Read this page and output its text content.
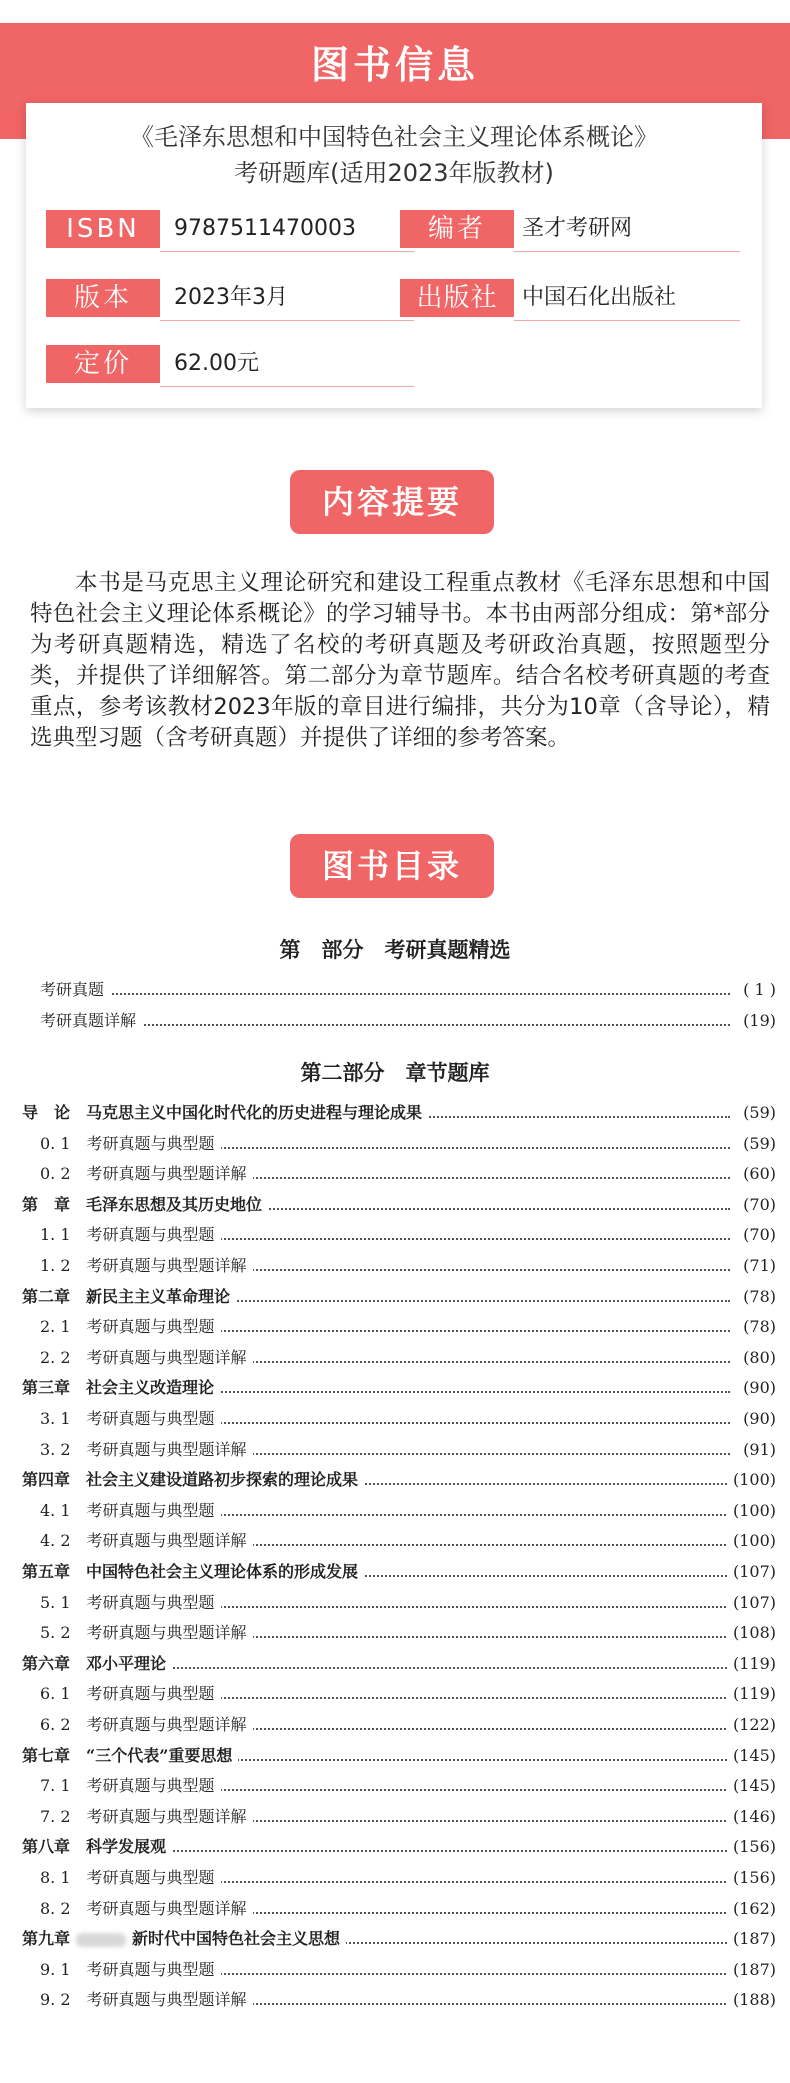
图书信息
《毛泽东思想和中国特色社会主义理论体系概论》
考研题库(适用2023年版教材)
ISBN	9787511470003	编者	圣才考研网
版本	2023年3月	出版社	中国石化出版社
定价	62.00元
内容提要
本书是马克思主义理论研究和建设工程重点教材《毛泽东思想和中国特色社会主义理论体系概论》的学习辅导书。本书由两部分组成：第*部分为考研真题精选，精选了名校的考研真题及考研政治真题，按照题型分类，并提供了详细解答。第二部分为章节题库。结合名校考研真题的考查重点，参考该教材2023年版的章目进行编排，共分为10章（含导论），精选典型习题（含考研真题）并提供了详细的参考答案。
图书目录
第　部分　考研真题精选
考研真题	( 1 )
考研真题详解	(19)
第二部分　章节题库
导　论　马克思主义中国化时代化的历史进程与理论成果	(59)
0. 1　考研真题与典型题	(59)
0. 2　考研真题与典型题详解	(60)
第　章　毛泽东思想及其历史地位	(70)
1. 1　考研真题与典型题	(70)
1. 2　考研真题与典型题详解	(71)
第二章　新民主主义革命理论	(78)
2. 1　考研真题与典型题	(78)
2. 2　考研真题与典型题详解	(80)
第三章　社会主义改造理论	(90)
3. 1　考研真题与典型题	(90)
3. 2　考研真题与典型题详解	(91)
第四章　社会主义建设道路初步探索的理论成果	(100)
4. 1　考研真题与典型题	(100)
4. 2　考研真题与典型题详解	(100)
第五章　中国特色社会主义理论体系的形成发展	(107)
5. 1　考研真题与典型题	(107)
5. 2　考研真题与典型题详解	(108)
第六章　邓小平理论	(119)
6. 1　考研真题与典型题	(119)
6. 2　考研真题与典型题详解	(122)
第七章　“三个代表”重要思想	(145)
7. 1　考研真题与典型题	(145)
7. 2　考研真题与典型题详解	(146)
第八章　科学发展观	(156)
8. 1　考研真题与典型题	(156)
8. 2　考研真题与典型题详解	(162)
第九章	新时代中国特色社会主义思想	(187)
9. 1　考研真题与典型题	(187)
9. 2　考研真题与典型题详解	(188)
